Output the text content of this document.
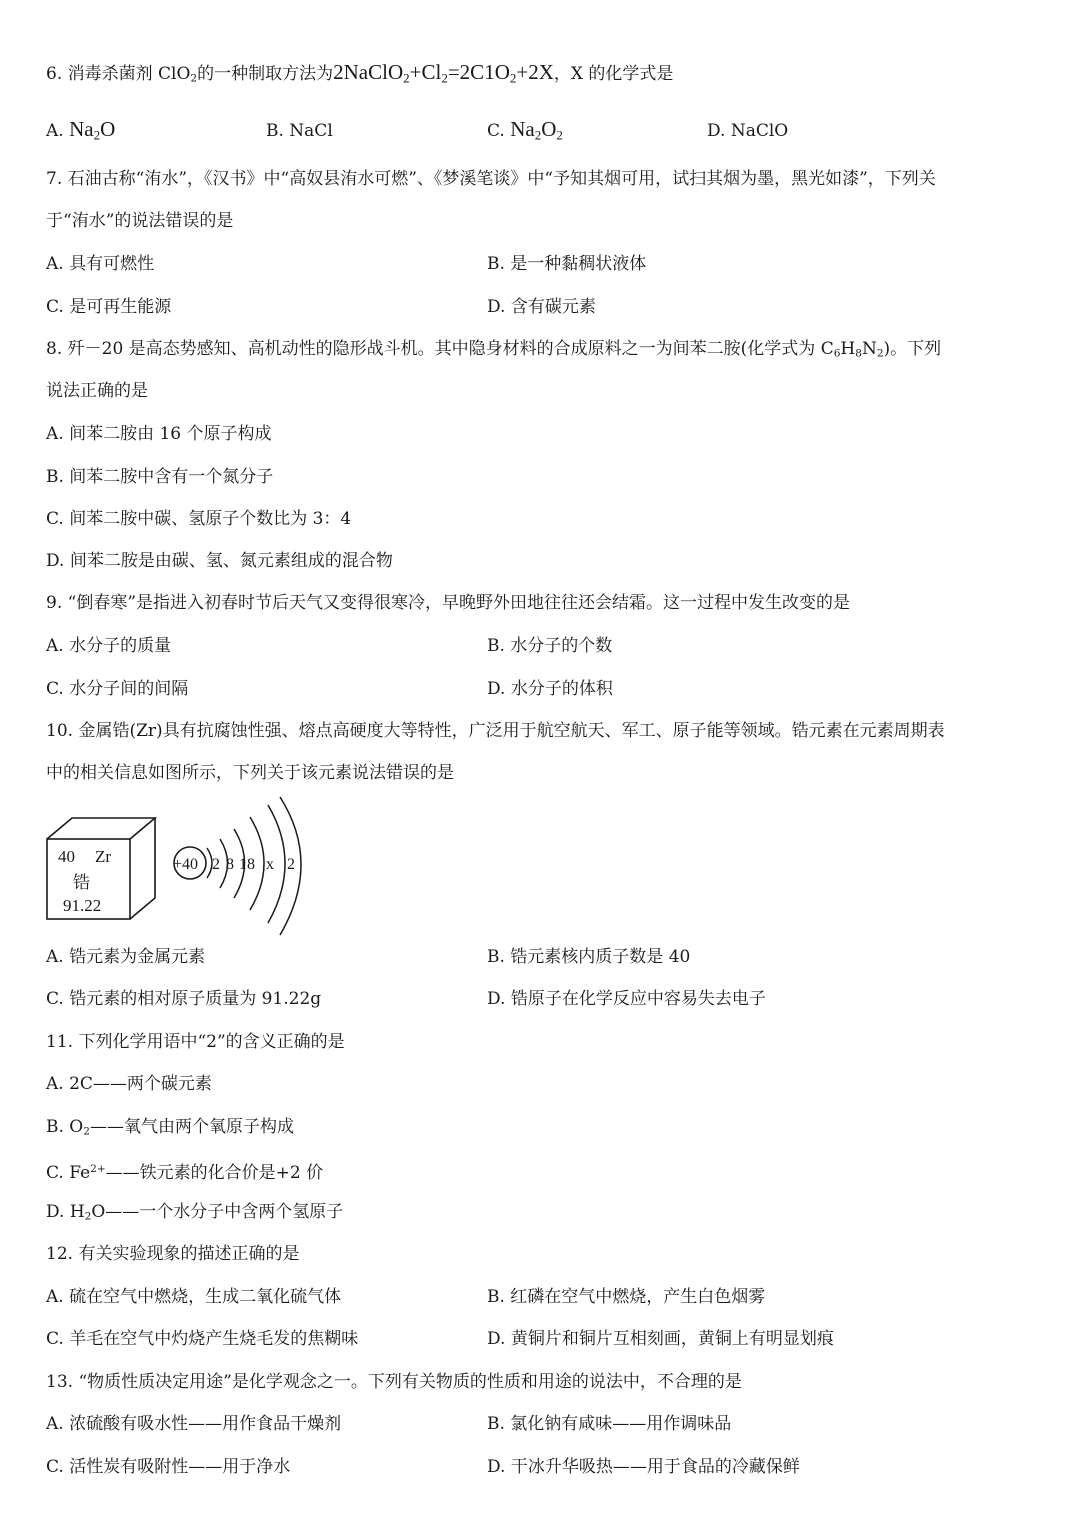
6. 消毒杀菌剂 ClO$_2$的一种制取方法为$2NaClO_2+Cl_2=2C1O_2+2X$，X 的化学式是
A. $Na_2O$	B. NaCl	C. $Na_2O_2$	D. NaClO
7. 石油古称“洧水”，《汉书》中“高奴县洧水可燃”、《梦溪笔谈》中“予知其烟可用，试扫其烟为墨，黑光如漆”，下列关
于“洧水”的说法错误的是
A. 具有可燃性	B. 是一种黏稠状液体
C. 是可再生能源	D. 含有碳元素
8. 歼－20 是高态势感知、高机动性的隐形战斗机。其中隐身材料的合成原料之一为间苯二胺(化学式为 $C_6H_8N_2$)。下列
说法正确的是
A. 间苯二胺由 16 个原子构成
B. 间苯二胺中含有一个氮分子
C. 间苯二胺中碳、氢原子个数比为 3：4
D. 间苯二胺是由碳、氢、氮元素组成的混合物
9. “倒春寒”是指进入初春时节后天气又变得很寒冷，早晚野外田地往往还会结霜。这一过程中发生改变的是
A. 水分子的质量	B. 水分子的个数
C. 水分子间的间隔	D. 水分子的体积
10. 金属锆(Zr)具有抗腐蚀性强、熔点高硬度大等特性，广泛用于航空航天、军工、原子能等领域。锆元素在元素周期表
中的相关信息如图所示，下列关于该元素说法错误的是
40 Zr
锆
91.22
+40 2 8 18 x 2
A. 锆元素为金属元素	B. 锆元素核内质子数是 40
C. 锆元素的相对原子质量为 91.22g	D. 锆原子在化学反应中容易失去电子
11. 下列化学用语中“2”的含义正确的是
A. 2C——两个碳元素
B. $O_2——$氧气由两个氧原子构成
C. $Fe^{2+}——$铁元素的化合价是+2 价
D. $H_2O——$一个水分子中含两个氢原子
12. 有关实验现象的描述正确的是
A. 硫在空气中燃烧，生成二氧化硫气体	B. 红磷在空气中燃烧，产生白色烟雾
C. 羊毛在空气中灼烧产生烧毛发的焦糊味	D. 黄铜片和铜片互相刻画，黄铜上有明显划痕
13. “物质性质决定用途”是化学观念之一。下列有关物质的性质和用途的说法中，不合理的是
A. 浓硫酸有吸水性——用作食品干燥剂	B. 氯化钠有咸味——用作调味品
C. 活性炭有吸附性——用于净水	D. 干冰升华吸热——用于食品的冷藏保鲜
